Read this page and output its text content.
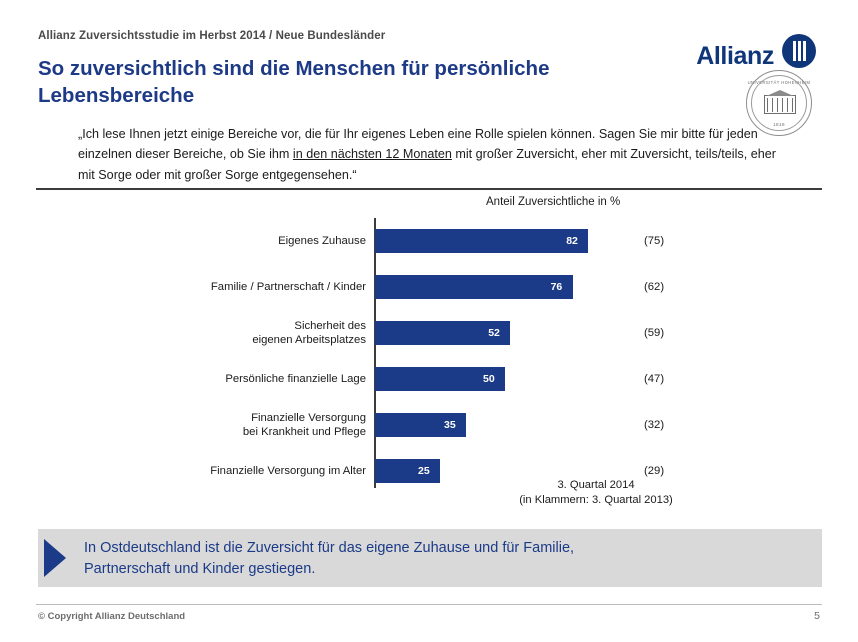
Allianz Zuversichtsstudie im Herbst 2014 / Neue Bundesländer
So zuversichtlich sind die Menschen für persönliche Lebensbereiche
Allianz
UNIVERSITÄT HOHENHEIM
1818
„Ich lese Ihnen jetzt einige Bereiche vor, die für Ihr eigenes Leben eine Rolle spielen können. Sagen Sie mir bitte für jeden einzelnen dieser Bereiche, ob Sie ihm in den nächsten 12 Monaten mit großer Zuversicht, eher mit Zuversicht, teils/teils, eher mit Sorge oder mit großer Sorge entgegensehen.“
Anteil Zuversichtliche in %
Eigenes Zuhause	82	(75)
Familie / Partnerschaft / Kinder	76	(62)
Sicherheit des
eigenen Arbeitsplatzes
52	(59)
Persönliche finanzielle Lage	50	(47)
Finanzielle Versorgung
bei Krankheit und Pflege
35	(32)
Finanzielle Versorgung im Alter	25	(29)
3. Quartal 2014
(in Klammern: 3. Quartal 2013)
In Ostdeutschland ist die Zuversicht für das eigene Zuhause und für Familie,
Partnerschaft und Kinder gestiegen.
© Copyright Allianz Deutschland	5
